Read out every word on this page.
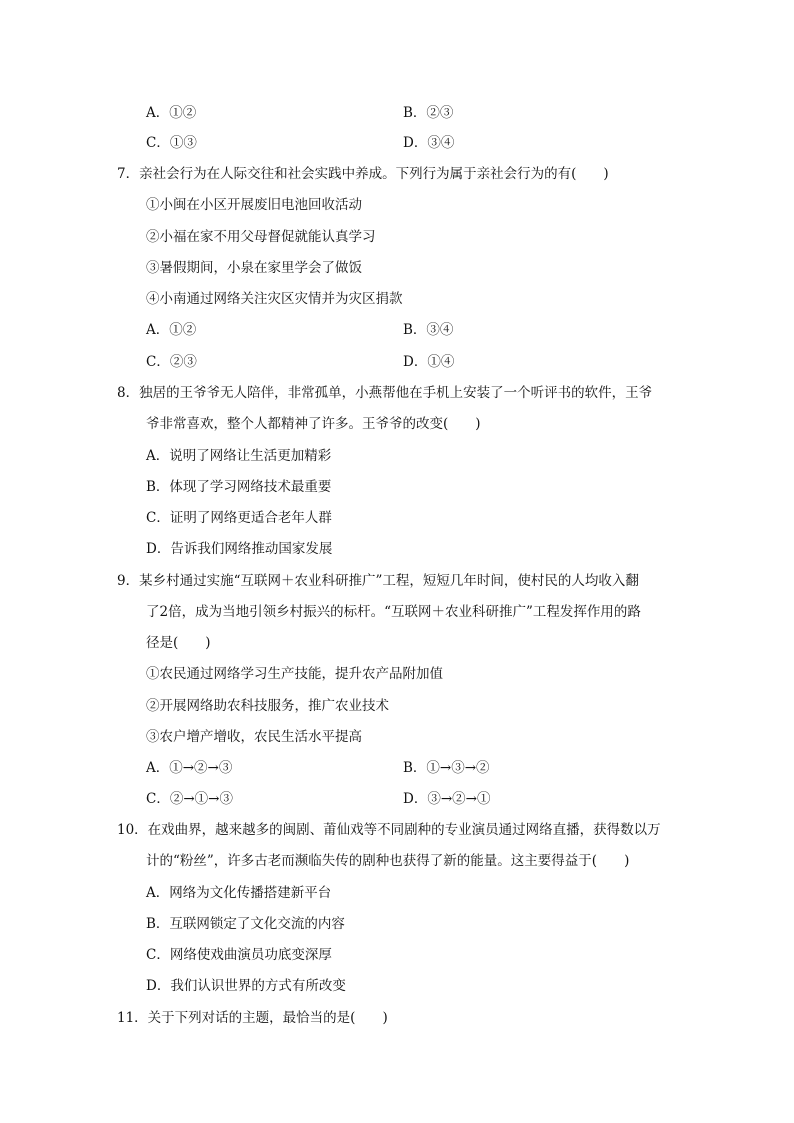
A．①②	B．②③
C．①③	D．③④
7．亲社会行为在人际交往和社会实践中养成。下列行为属于亲社会行为的有(　　)
①小闽在小区开展废旧电池回收活动
②小福在家不用父母督促就能认真学习
③暑假期间，小泉在家里学会了做饭
④小南通过网络关注灾区灾情并为灾区捐款
A．①②	B．③④
C．②③	D．①④
8．独居的王爷爷无人陪伴，非常孤单，小燕帮他在手机上安装了一个听评书的软件，王爷
爷非常喜欢，整个人都精神了许多。王爷爷的改变(　　)
A．说明了网络让生活更加精彩
B．体现了学习网络技术最重要
C．证明了网络更适合老年人群
D．告诉我们网络推动国家发展
9．某乡村通过实施“互联网＋农业科研推广”工程，短短几年时间，使村民的人均收入翻
了2倍，成为当地引领乡村振兴的标杆。“互联网＋农业科研推广”工程发挥作用的路
径是(　　)
①农民通过网络学习生产技能，提升农产品附加值
②开展网络助农科技服务，推广农业技术
③农户增产增收，农民生活水平提高
A．①→②→③	B．①→③→②
C．②→①→③	D．③→②→①
10．在戏曲界，越来越多的闽剧、莆仙戏等不同剧种的专业演员通过网络直播，获得数以万
计的“粉丝”，许多古老而濒临失传的剧种也获得了新的能量。这主要得益于(　　)
A．网络为文化传播搭建新平台
B．互联网锁定了文化交流的内容
C．网络使戏曲演员功底变深厚
D．我们认识世界的方式有所改变
11．关于下列对话的主题，最恰当的是(　　)
